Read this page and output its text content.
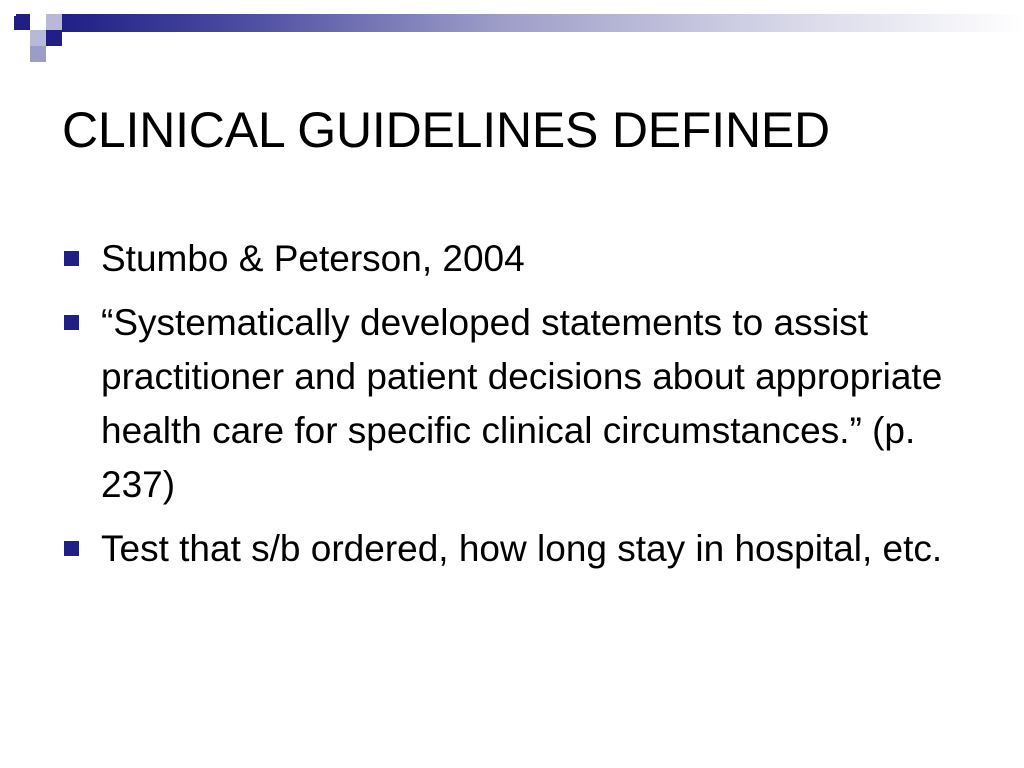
CLINICAL GUIDELINES DEFINED
Stumbo & Peterson, 2004
“Systematically developed statements to assist practitioner and patient decisions about appropriate health care for specific clinical circumstances.” (p. 237)
Test that s/b ordered, how long stay in hospital, etc.
